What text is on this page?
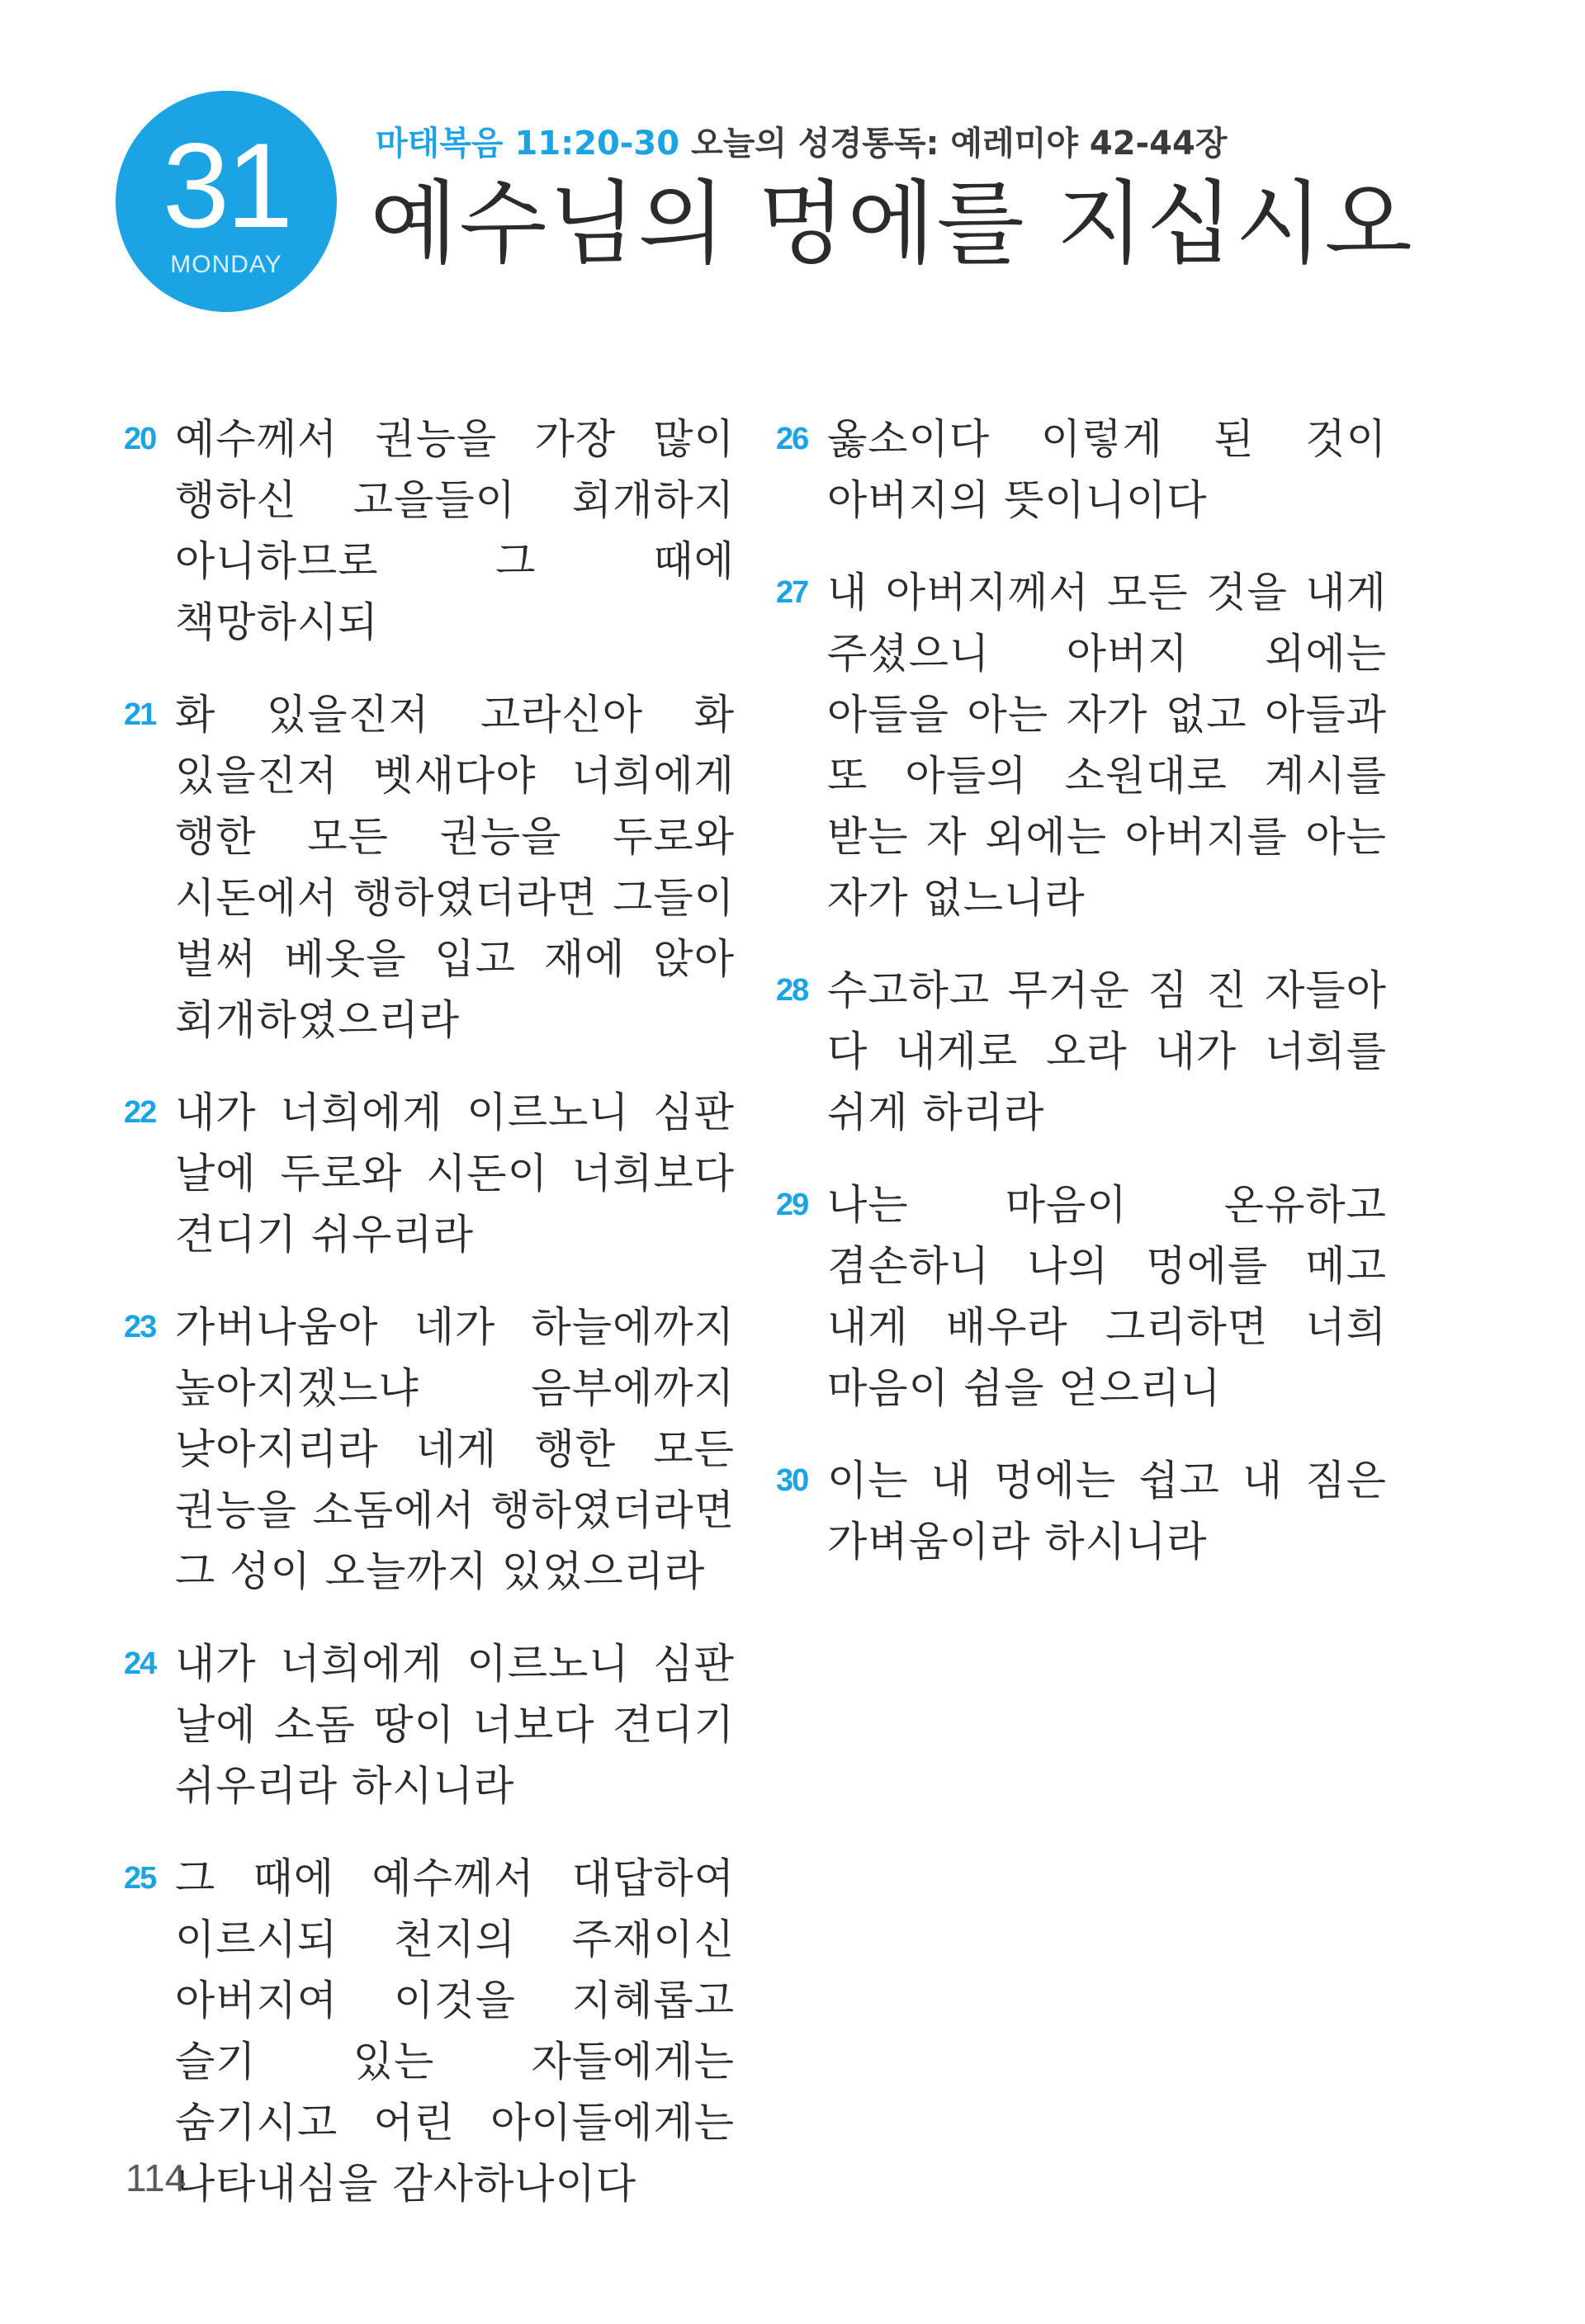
31
MONDAY
마태복음 11:20-30 오늘의 성경통독: 예레미야 42-44장
예수님의 멍에를 지십시오
20 예수께서 권능을 가장 많이 행하신 고을들이 회개하지 아니하므로 그 때에 책망하시되
21 화 있을진저 고라신아 화 있을진저 벳새다야 너희에게 행한 모든 권능을 두로와 시돈에서 행하였더라면 그들이 벌써 베옷을 입고 재에 앉아 회개하였으리라
22 내가 너희에게 이르노니 심판 날에 두로와 시돈이 너희보다 견디기 쉬우리라
23 가버나움아 네가 하늘에까지 높아지겠느냐 음부에까지 낮아지리라 네게 행한 모든 권능을 소돔에서 행하였더라면 그 성이 오늘까지 있었으리라
24 내가 너희에게 이르노니 심판 날에 소돔 땅이 너보다 견디기 쉬우리라 하시니라
25 그 때에 예수께서 대답하여 이르시되 천지의 주재이신 아버지여 이것을 지혜롭고 슬기 있는 자들에게는 숨기시고 어린 아이들에게는 나타내심을 감사하나이다
26 옳소이다 이렇게 된 것이 아버지의 뜻이니이다
27 내 아버지께서 모든 것을 내게 주셨으니 아버지 외에는 아들을 아는 자가 없고 아들과 또 아들의 소원대로 계시를 받는 자 외에는 아버지를 아는 자가 없느니라
28 수고하고 무거운 짐 진 자들아 다 내게로 오라 내가 너희를 쉬게 하리라
29 나는 마음이 온유하고 겸손하니 나의 멍에를 메고 내게 배우라 그리하면 너희 마음이 쉼을 얻으리니
30 이는 내 멍에는 쉽고 내 짐은 가벼움이라 하시니라
114
